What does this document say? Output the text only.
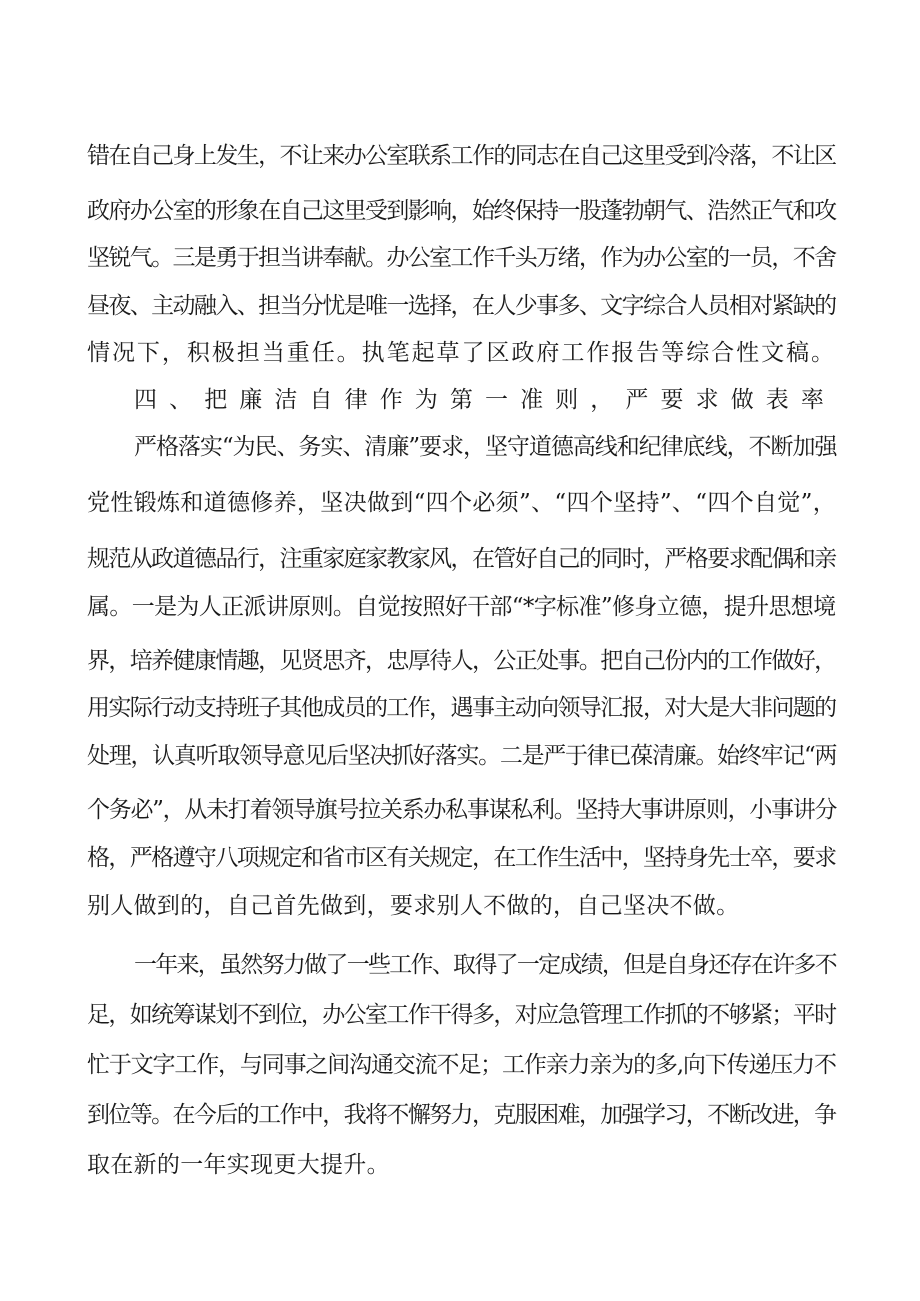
错在自己身上发生，不让来办公室联系工作的同志在自己这里受到冷落，不让区
政府办公室的形象在自己这里受到影响，始终保持一股蓬勃朝气、浩然正气和攻
坚锐气。三是勇于担当讲奉献。办公室工作千头万绪，作为办公室的一员，不舍
昼夜、主动融入、担当分忧是唯一选择，在人少事多、文字综合人员相对紧缺的
情况下，积极担当重任。执笔起草了区政府工作报告等综合性文稿。
四、把廉洁自律作为第一准则，严要求做表率
严格落实“为民、务实、清廉”要求，坚守道德高线和纪律底线，不断加强
党性锻炼和道德修养，坚决做到“四个必须”、“四个坚持”、“四个自觉”，
规范从政道德品行，注重家庭家教家风，在管好自己的同时，严格要求配偶和亲
属。一是为人正派讲原则。自觉按照好干部“*字标准”修身立德，提升思想境
界，培养健康情趣，见贤思齐，忠厚待人，公正处事。把自己份内的工作做好，
用实际行动支持班子其他成员的工作，遇事主动向领导汇报，对大是大非问题的
处理，认真听取领导意见后坚决抓好落实。二是严于律已葆清廉。始终牢记“两
个务必”，从未打着领导旗号拉关系办私事谋私利。坚持大事讲原则，小事讲分
格，严格遵守八项规定和省市区有关规定，在工作生活中，坚持身先士卒，要求
别人做到的，自己首先做到，要求别人不做的，自己坚决不做。
一年来，虽然努力做了一些工作、取得了一定成绩，但是自身还存在许多不
足，如统筹谋划不到位，办公室工作干得多，对应急管理工作抓的不够紧；平时
忙于文字工作，与同事之间沟通交流不足；工作亲力亲为的多,向下传递压力不
到位等。在今后的工作中，我将不懈努力，克服困难，加强学习，不断改进，争
取在新的一年实现更大提升。
